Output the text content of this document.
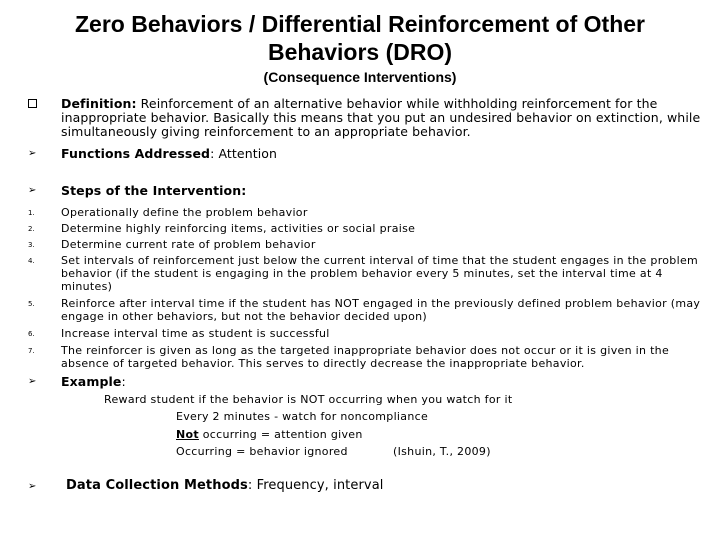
Zero Behaviors / Differential Reinforcement of Other
Behaviors (DRO)
(Consequence Interventions)
Definition: Reinforcement of an alternative behavior while withholding reinforcement for the inappropriate behavior. Basically this means that you put an undesired behavior on extinction, while simultaneously giving reinforcement to an appropriate behavior.
➢ Functions Addressed: Attention
➢ Steps of the Intervention:
1. Operationally define the problem behavior
2. Determine highly reinforcing items, activities or social praise
3. Determine current rate of problem behavior
4. Set intervals of reinforcement just below the current interval of time that the student engages in the problem behavior (if the student is engaging in the problem behavior every 5 minutes, set the interval time at 4 minutes)
5. Reinforce after interval time if the student has NOT engaged in the previously defined problem behavior (may engage in other behaviors, but not the behavior decided upon)
6. Increase interval time as student is successful
7. The reinforcer is given as long as the targeted inappropriate behavior does not occur or it is given in the absence of targeted behavior. This serves to directly decrease the inappropriate behavior.
➢ Example:
Reward student if the behavior is NOT occurring when you watch for it
Every 2 minutes - watch for noncompliance
Not occurring = attention given
Occurring = behavior ignored	(Ishuin, T., 2009)
➢ Data Collection Methods: Frequency, interval
